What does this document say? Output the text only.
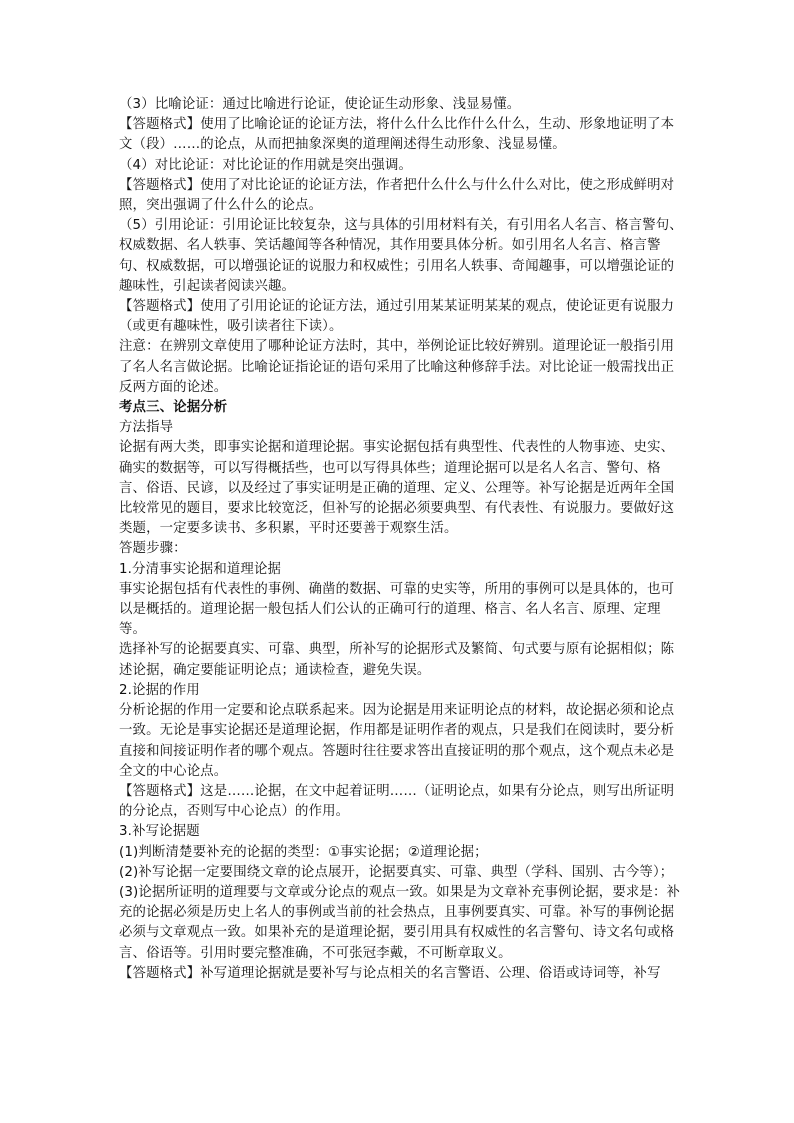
（3）比喻论证：通过比喻进行论证，使论证生动形象、浅显易懂。

【答题格式】使用了比喻论证的论证方法，将什么什么比作什么什么，生动、形象地证明了本文（段）……的论点，从而把抽象深奥的道理阐述得生动形象、浅显易懂。

（4）对比论证：对比论证的作用就是突出强调。

【答题格式】使用了对比论证的论证方法，作者把什么什么与什么什么对比，使之形成鲜明对照，突出强调了什么什么的论点。

（5）引用论证：引用论证比较复杂，这与具体的引用材料有关，有引用名人名言、格言警句、权威数据、名人轶事、笑话趣闻等各种情况，其作用要具体分析。如引用名人名言、格言警句、权威数据，可以增强论证的说服力和权威性；引用名人轶事、奇闻趣事，可以增强论证的趣味性，引起读者阅读兴趣。

【答题格式】使用了引用论证的论证方法，通过引用某某证明某某的观点，使论证更有说服力（或更有趣味性，吸引读者往下读）。

注意：在辨别文章使用了哪种论证方法时，其中，举例论证比较好辨别。道理论证一般指引用了名人名言做论据。比喻论证指论证的语句采用了比喻这种修辞手法。对比论证一般需找出正反两方面的论述。

考点三、论据分析

方法指导

论据有两大类，即事实论据和道理论据。事实论据包括有典型性、代表性的人物事迹、史实、确实的数据等，可以写得概括些，也可以写得具体些；道理论据可以是名人名言、警句、格言、俗语、民谚，以及经过了事实证明是正确的道理、定义、公理等。补写论据是近两年全国比较常见的题目，要求比较宽泛，但补写的论据必须要典型、有代表性、有说服力。要做好这类题，一定要多读书、多积累，平时还要善于观察生活。

答题步骤：

1.分清事实论据和道理论据

事实论据包括有代表性的事例、确凿的数据、可靠的史实等，所用的事例可以是具体的，也可以是概括的。道理论据一般包括人们公认的正确可行的道理、格言、名人名言、原理、定理等。

选择补写的论据要真实、可靠、典型，所补写的论据形式及繁简、句式要与原有论据相似；陈述论据，确定要能证明论点；通读检查，避免失误。

2.论据的作用

分析论据的作用一定要和论点联系起来。因为论据是用来证明论点的材料，故论据必须和论点一致。无论是事实论据还是道理论据，作用都是证明作者的观点，只是我们在阅读时，要分析直接和间接证明作者的哪个观点。答题时往往要求答出直接证明的那个观点，这个观点未必是全文的中心论点。

【答题格式】这是……论据，在文中起着证明……（证明论点，如果有分论点，则写出所证明的分论点，否则写中心论点）的作用。

3.补写论据题

(1)判断清楚要补充的论据的类型：①事实论据；②道理论据；

(2)补写论据一定要围绕文章的论点展开，论据要真实、可靠、典型（学科、国别、古今等）；

(3)论据所证明的道理要与文章或分论点的观点一致。如果是为文章补充事例论据，要求是：补充的论据必须是历史上名人的事例或当前的社会热点，且事例要真实、可靠。补写的事例论据必须与文章观点一致。如果补充的是道理论据，要引用具有权威性的名言警句、诗文名句或格言、俗语等。引用时要完整准确，不可张冠李戴，不可断章取义。

【答题格式】补写道理论据就是要补写与论点相关的名言警语、公理、俗语或诗词等，补写
